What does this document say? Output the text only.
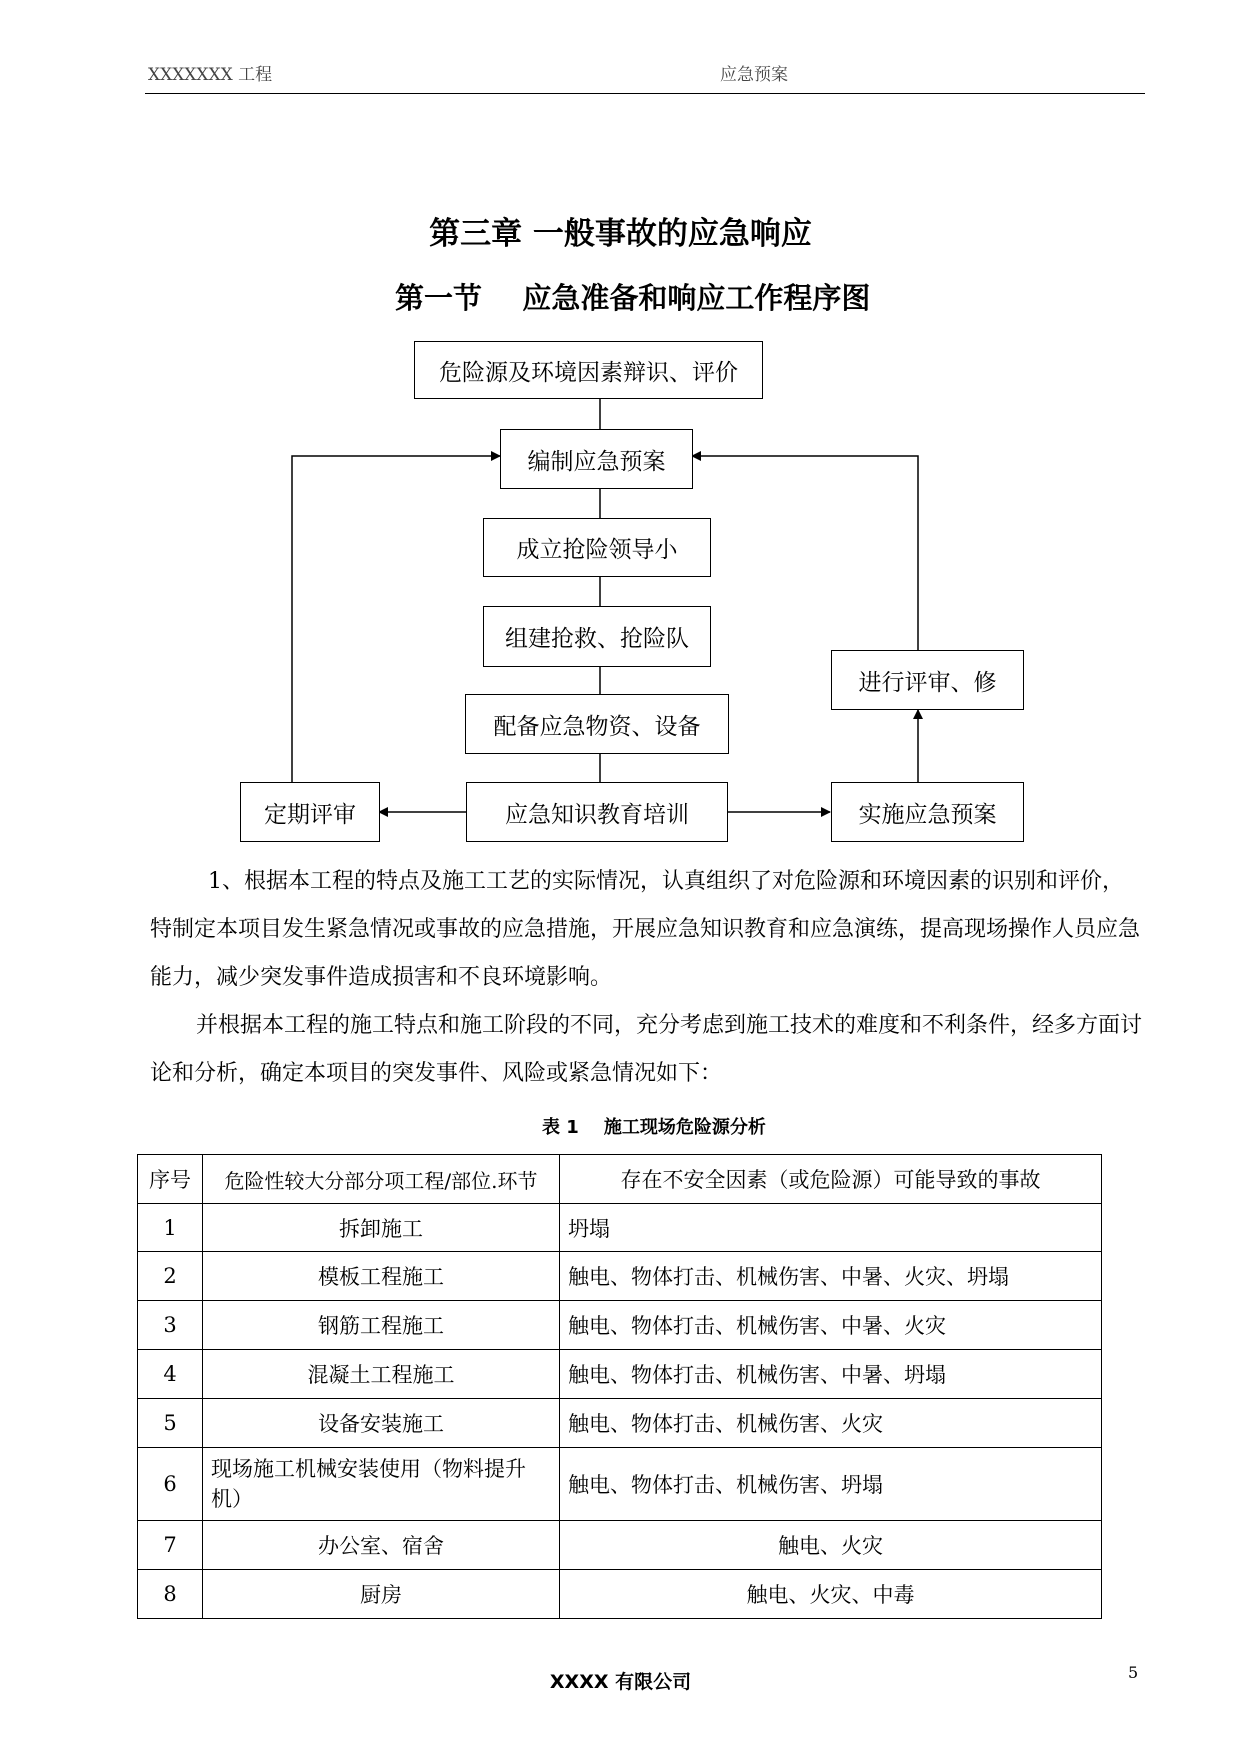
XXXXXXX 工程	应急预案
第三章 一般事故的应急响应
第一节    应急准备和响应工作程序图
危险源及环境因素辩识、评价
编制应急预案
成立抢险领导小
组建抢救、抢险队
配备应急物资、设备
应急知识教育培训
定期评审	实施应急预案
进行评审、修

1、根据本工程的特点及施工工艺的实际情况，认真组织了对危险源和环境因素的识别和评价，特制定本项目发生紧急情况或事故的应急措施，开展应急知识教育和应急演练，提高现场操作人员应急能力，减少突发事件造成损害和不良环境影响。

并根据本工程的施工特点和施工阶段的不同，充分考虑到施工技术的难度和不利条件，经多方面讨论和分析，确定本项目的突发事件、风险或紧急情况如下：

表 1    施工现场危险源分析
序号	危险性较大分部分项工程/部位.环节	存在不安全因素（或危险源）可能导致的事故
1	拆卸施工	坍塌
2	模板工程施工	触电、物体打击、机械伤害、中暑、火灾、坍塌
3	钢筋工程施工	触电、物体打击、机械伤害、中暑、火灾
4	混凝土工程施工	触电、物体打击、机械伤害、中暑、坍塌
5	设备安装施工	触电、物体打击、机械伤害、火灾
6	现场施工机械安装使用（物料提升机）	触电、物体打击、机械伤害、坍塌
7	办公室、宿舍	触电、火灾
8	厨房	触电、火灾、中毒
XXXX 有限公司	5
